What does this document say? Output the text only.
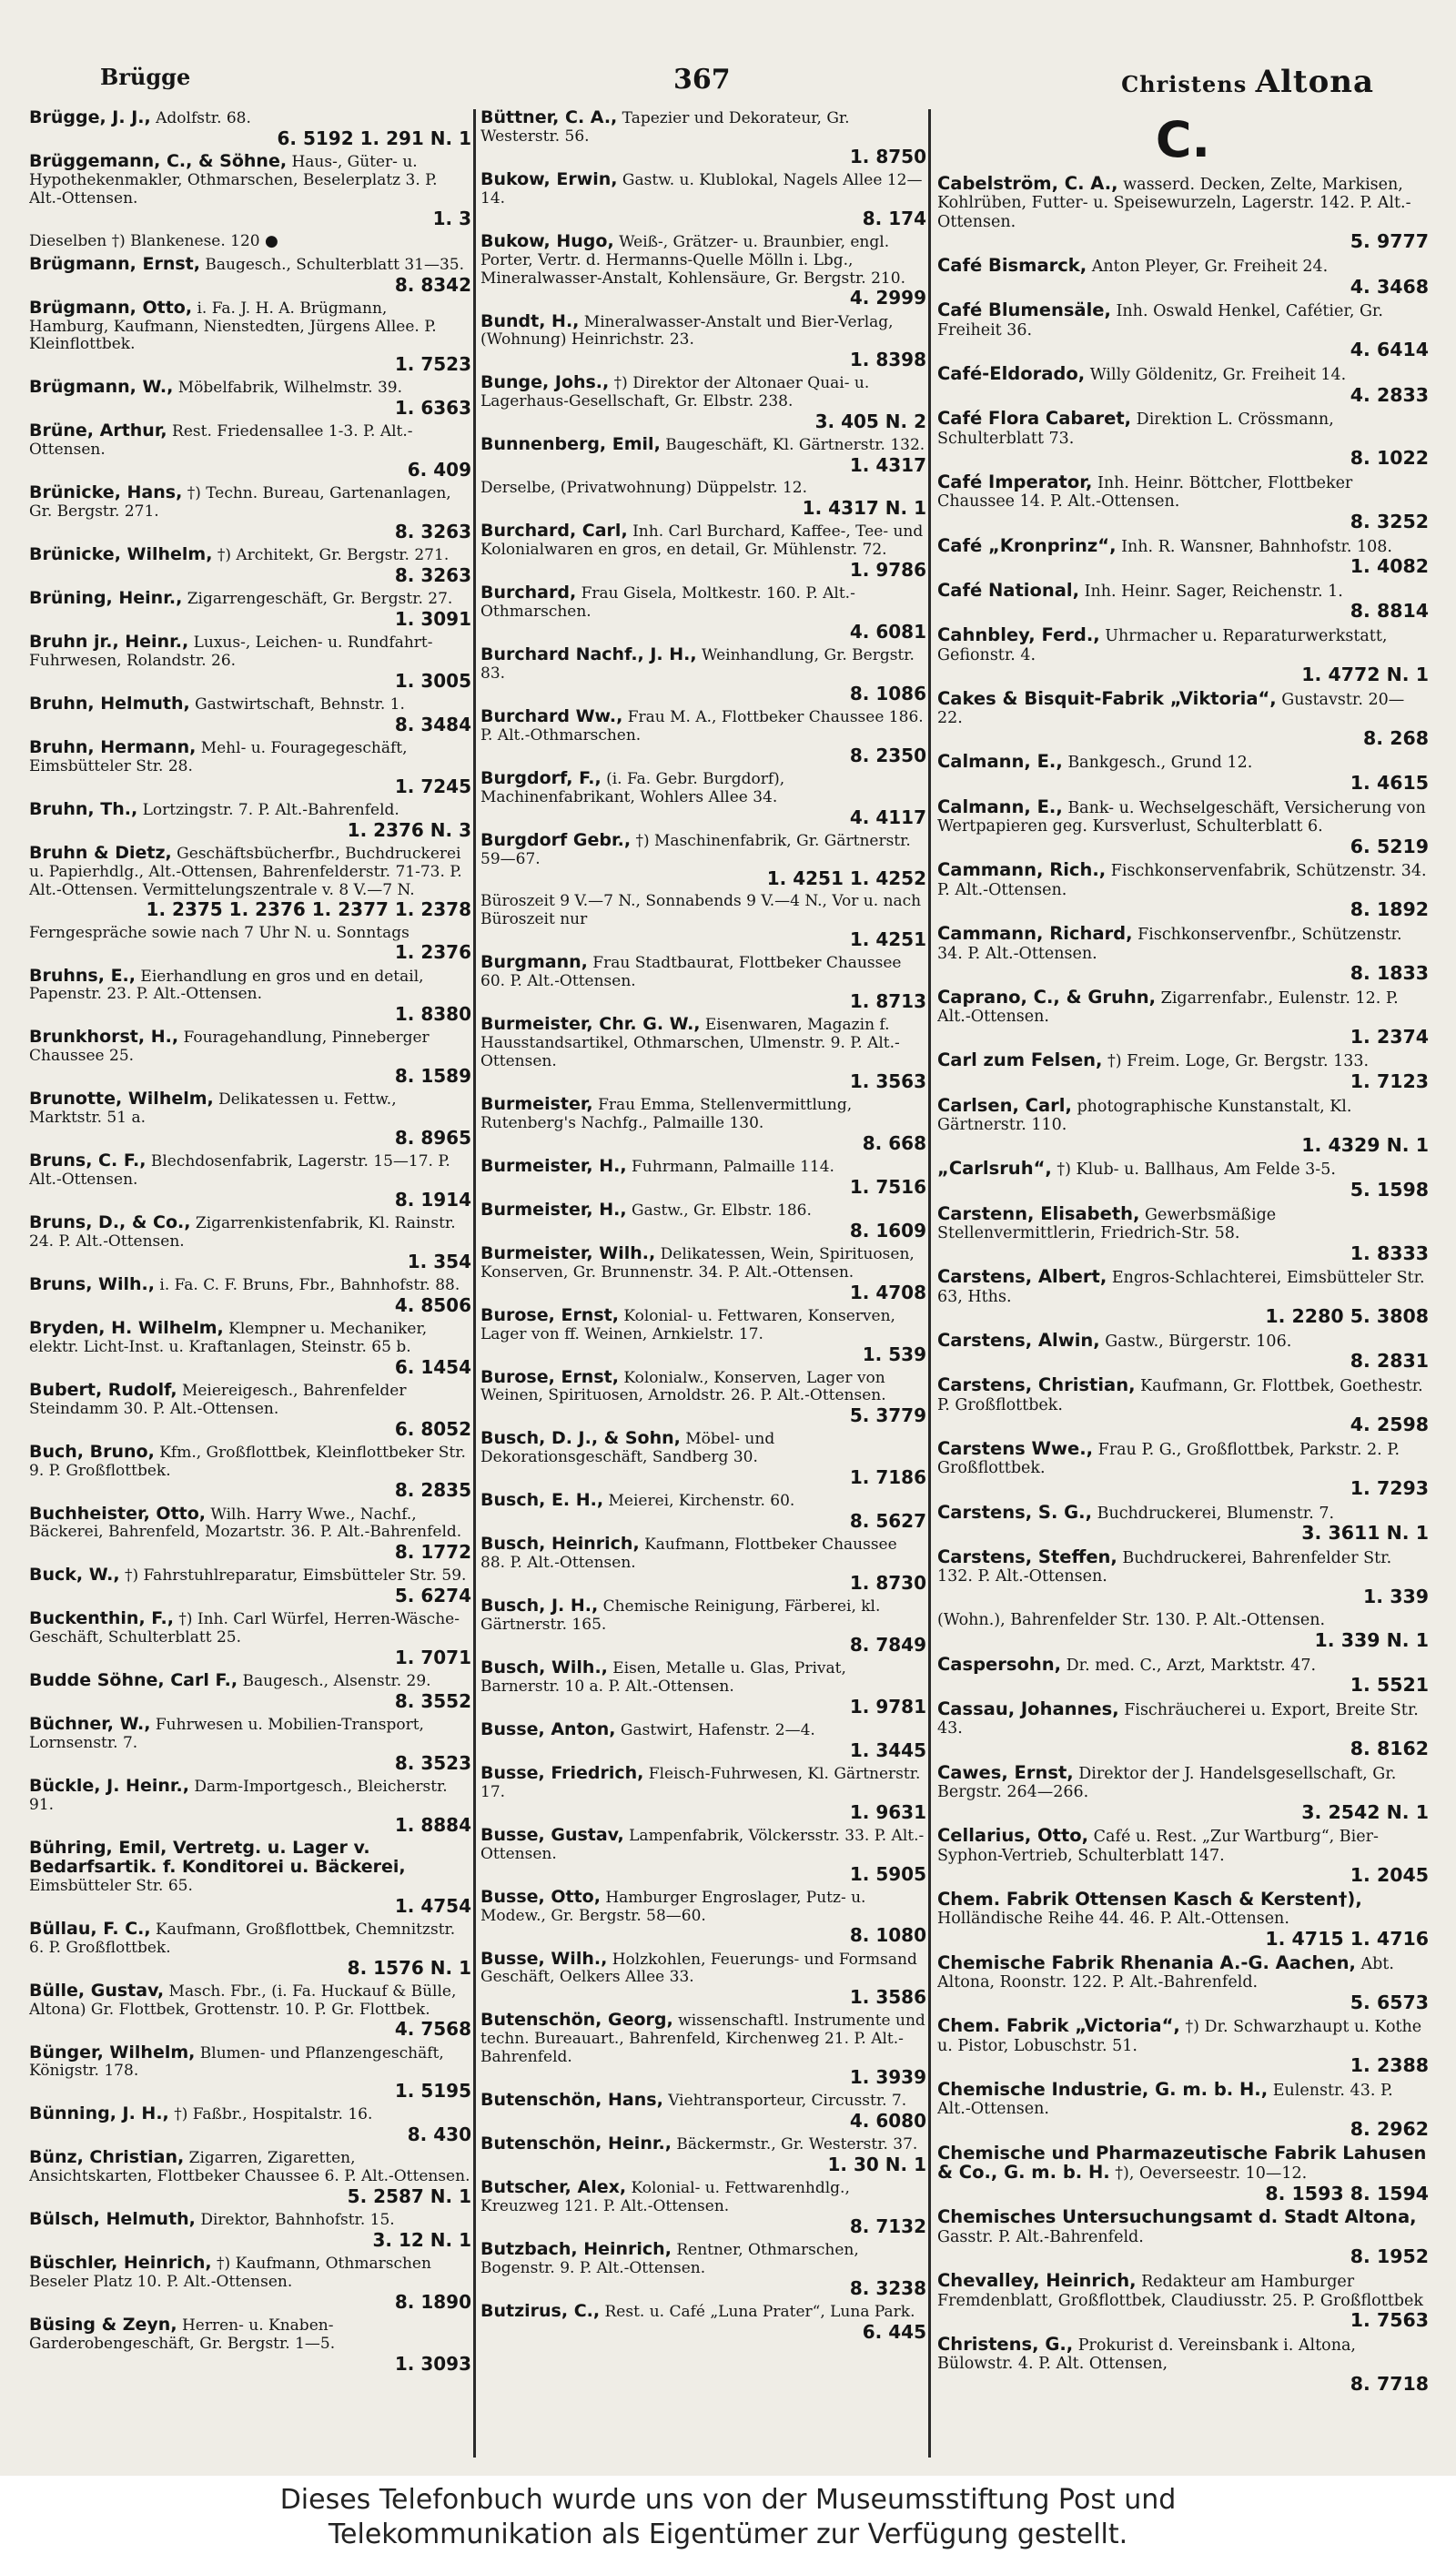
Brügge	367	Christens Altona
Brügge, J. J., Adolfstr. 68.
6. 5192 1. 291 N. 1
Brüggemann, C., & Söhne, Haus-, Güter- u. Hypothekenmakler, Othmarschen, Beselerplatz 3. P. Alt.-Ottensen.
1. 3
Dieselben †) Blankenese. 120 ●
Brügmann, Ernst, Baugesch., Schulterblatt 31—35.
8. 8342
Brügmann, Otto, i. Fa. J. H. A. Brügmann, Hamburg, Kaufmann, Nienstedten, Jürgens Allee. P. Kleinflottbek.
1. 7523
Brügmann, W., Möbelfabrik, Wilhelmstr. 39.
1. 6363
Brüne, Arthur, Rest. Friedensallee 1-3. P. Alt.-Ottensen.
6. 409
Brünicke, Hans, †) Techn. Bureau, Gartenanlagen, Gr. Bergstr. 271.
8. 3263
Brünicke, Wilhelm, †) Architekt, Gr. Bergstr. 271.
8. 3263
Brüning, Heinr., Zigarrengeschäft, Gr. Bergstr. 27.
1. 3091
Bruhn jr., Heinr., Luxus-, Leichen- u. Rundfahrt-Fuhrwesen, Rolandstr. 26.
1. 3005
Bruhn, Helmuth, Gastwirtschaft, Behnstr. 1.
8. 3484
Bruhn, Hermann, Mehl- u. Fouragegeschäft, Eimsbütteler Str. 28.
1. 7245
Bruhn, Th., Lortzingstr. 7. P. Alt.-Bahrenfeld.
1. 2376 N. 3
Bruhn & Dietz, Geschäftsbücherfbr., Buchdruckerei u. Papierhdlg., Alt.-Ottensen, Bahrenfelderstr. 71-73. P. Alt.-Ottensen. Vermittelungszentrale v. 8 V.—7 N.
1. 2375 1. 2376 1. 2377 1. 2378
Ferngespräche sowie nach 7 Uhr N. u. Sonntags
1. 2376
Bruhns, E., Eierhandlung en gros und en detail, Papenstr. 23. P. Alt.-Ottensen.
1. 8380
Brunkhorst, H., Fouragehandlung, Pinneberger Chaussee 25.
8. 1589
Brunotte, Wilhelm, Delikatessen u. Fettw., Marktstr. 51 a.
8. 8965
Bruns, C. F., Blechdosenfabrik, Lagerstr. 15—17. P. Alt.-Ottensen.
8. 1914
Bruns, D., & Co., Zigarrenkistenfabrik, Kl. Rainstr. 24. P. Alt.-Ottensen.
1. 354
Bruns, Wilh., i. Fa. C. F. Bruns, Fbr., Bahnhofstr. 88.
4. 8506
Bryden, H. Wilhelm, Klempner u. Mechaniker, elektr. Licht-Inst. u. Kraftanlagen, Steinstr. 65 b.
6. 1454
Bubert, Rudolf, Meiereigesch., Bahrenfelder Steindamm 30. P. Alt.-Ottensen.
6. 8052
Buch, Bruno, Kfm., Großflottbek, Kleinflottbeker Str. 9. P. Großflottbek.
8. 2835
Buchheister, Otto, Wilh. Harry Wwe., Nachf., Bäckerei, Bahrenfeld, Mozartstr. 36. P. Alt.-Bahrenfeld.
8. 1772
Buck, W., †) Fahrstuhlreparatur, Eimsbütteler Str. 59.
5. 6274
Buckenthin, F., †) Inh. Carl Würfel, Herren-Wäsche-Geschäft, Schulterblatt 25.
1. 7071
Budde Söhne, Carl F., Baugesch., Alsenstr. 29.
8. 3552
Büchner, W., Fuhrwesen u. Mobilien-Transport, Lornsenstr. 7.
8. 3523
Bückle, J. Heinr., Darm-Importgesch., Bleicherstr. 91.
1. 8884
Bühring, Emil, Vertretg. u. Lager v. Bedarfsartik. f. Konditorei u. Bäckerei, Eimsbütteler Str. 65.
1. 4754
Büllau, F. C., Kaufmann, Großflottbek, Chemnitzstr. 6. P. Großflottbek.
8. 1576 N. 1
Bülle, Gustav, Masch. Fbr., (i. Fa. Huckauf & Bülle, Altona) Gr. Flottbek, Grottenstr. 10. P. Gr. Flottbek.
4. 7568
Bünger, Wilhelm, Blumen- und Pflanzengeschäft, Königstr. 178.
1. 5195
Bünning, J. H., †) Faßbr., Hospitalstr. 16.
8. 430
Bünz, Christian, Zigarren, Zigaretten, Ansichtskarten, Flottbeker Chaussee 6. P. Alt.-Ottensen.
5. 2587 N. 1
Bülsch, Helmuth, Direktor, Bahnhofstr. 15.
3. 12 N. 1
Büschler, Heinrich, †) Kaufmann, Othmarschen Beseler Platz 10. P. Alt.-Ottensen.
8. 1890
Büsing & Zeyn, Herren- u. Knaben-Garderobengeschäft, Gr. Bergstr. 1—5.
1. 3093
Büttner, C. A., Tapezier und Dekorateur, Gr. Westerstr. 56.
1. 8750
Bukow, Erwin, Gastw. u. Klublokal, Nagels Allee 12—14.
8. 174
Bukow, Hugo, Weiß-, Grätzer- u. Braunbier, engl. Porter, Vertr. d. Hermanns-Quelle Mölln i. Lbg., Mineralwasser-Anstalt, Kohlensäure, Gr. Bergstr. 210.
4. 2999
Bundt, H., Mineralwasser-Anstalt und Bier-Verlag, (Wohnung) Heinrichstr. 23.
1. 8398
Bunge, Johs., †) Direktor der Altonaer Quai- u. Lagerhaus-Gesellschaft, Gr. Elbstr. 238.
3. 405 N. 2
Bunnenberg, Emil, Baugeschäft, Kl. Gärtnerstr. 132.
1. 4317
Derselbe, (Privatwohnung) Düppelstr. 12.
1. 4317 N. 1
Burchard, Carl, Inh. Carl Burchard, Kaffee-, Tee- und Kolonialwaren en gros, en detail, Gr. Mühlenstr. 72.
1. 9786
Burchard, Frau Gisela, Moltkestr. 160. P. Alt.-Othmarschen.
4. 6081
Burchard Nachf., J. H., Weinhandlung, Gr. Bergstr. 83.
8. 1086
Burchard Ww., Frau M. A., Flottbeker Chaussee 186. P. Alt.-Othmarschen.
8. 2350
Burgdorf, F., (i. Fa. Gebr. Burgdorf), Machinenfabrikant, Wohlers Allee 34.
4. 4117
Burgdorf Gebr., †) Maschinenfabrik, Gr. Gärtnerstr. 59—67.
1. 4251 1. 4252
Büroszeit 9 V.—7 N., Sonnabends 9 V.—4 N., Vor u. nach Büroszeit nur
1. 4251
Burgmann, Frau Stadtbaurat, Flottbeker Chaussee 60. P. Alt.-Ottensen.
1. 8713
Burmeister, Chr. G. W., Eisenwaren, Magazin f. Hausstandsartikel, Othmarschen, Ulmenstr. 9. P. Alt.-Ottensen.
1. 3563
Burmeister, Frau Emma, Stellenvermittlung, Rutenberg's Nachfg., Palmaille 130.
8. 668
Burmeister, H., Fuhrmann, Palmaille 114.
1. 7516
Burmeister, H., Gastw., Gr. Elbstr. 186.
8. 1609
Burmeister, Wilh., Delikatessen, Wein, Spirituosen, Konserven, Gr. Brunnenstr. 34. P. Alt.-Ottensen.
1. 4708
Burose, Ernst, Kolonial- u. Fettwaren, Konserven, Lager von ff. Weinen, Arnkielstr. 17.
1. 539
Burose, Ernst, Kolonialw., Konserven, Lager von Weinen, Spirituosen, Arnoldstr. 26. P. Alt.-Ottensen.
5. 3779
Busch, D. J., & Sohn, Möbel- und Dekorationsgeschäft, Sandberg 30.
1. 7186
Busch, E. H., Meierei, Kirchenstr. 60.
8. 5627
Busch, Heinrich, Kaufmann, Flottbeker Chaussee 88. P. Alt.-Ottensen.
1. 8730
Busch, J. H., Chemische Reinigung, Färberei, kl. Gärtnerstr. 165.
8. 7849
Busch, Wilh., Eisen, Metalle u. Glas, Privat, Barnerstr. 10 a. P. Alt.-Ottensen.
1. 9781
Busse, Anton, Gastwirt, Hafenstr. 2—4.
1. 3445
Busse, Friedrich, Fleisch-Fuhrwesen, Kl. Gärtnerstr. 17.
1. 9631
Busse, Gustav, Lampenfabrik, Völckersstr. 33. P. Alt.-Ottensen.
1. 5905
Busse, Otto, Hamburger Engroslager, Putz- u. Modew., Gr. Bergstr. 58—60.
8. 1080
Busse, Wilh., Holzkohlen, Feuerungs- und Formsand Geschäft, Oelkers Allee 33.
1. 3586
Butenschön, Georg, wissenschaftl. Instrumente und techn. Bureauart., Bahrenfeld, Kirchenweg 21. P. Alt.-Bahrenfeld.
1. 3939
Butenschön, Hans, Viehtransporteur, Circusstr. 7.
4. 6080
Butenschön, Heinr., Bäckermstr., Gr. Westerstr. 37.
1. 30 N. 1
Butscher, Alex, Kolonial- u. Fettwarenhdlg., Kreuzweg 121. P. Alt.-Ottensen.
8. 7132
Butzbach, Heinrich, Rentner, Othmarschen, Bogenstr. 9. P. Alt.-Ottensen.
8. 3238
Butzirus, C., Rest. u. Café „Luna Prater“, Luna Park.
6. 445
C.
Cabelström, C. A., wasserd. Decken, Zelte, Markisen, Kohlrüben, Futter- u. Speisewurzeln, Lagerstr. 142. P. Alt.-Ottensen.
5. 9777
Café Bismarck, Anton Pleyer, Gr. Freiheit 24.
4. 3468
Café Blumensäle, Inh. Oswald Henkel, Cafétier, Gr. Freiheit 36.
4. 6414
Café-Eldorado, Willy Göldenitz, Gr. Freiheit 14.
4. 2833
Café Flora Cabaret, Direktion L. Crössmann, Schulterblatt 73.
8. 1022
Café Imperator, Inh. Heinr. Böttcher, Flottbeker Chaussee 14. P. Alt.-Ottensen.
8. 3252
Café „Kronprinz“, Inh. R. Wansner, Bahnhofstr. 108.
1. 4082
Café National, Inh. Heinr. Sager, Reichenstr. 1.
8. 8814
Cahnbley, Ferd., Uhrmacher u. Reparaturwerkstatt, Gefionstr. 4.
1. 4772 N. 1
Cakes & Bisquit-Fabrik „Viktoria“, Gustavstr. 20—22.
8. 268
Calmann, E., Bankgesch., Grund 12.
1. 4615
Calmann, E., Bank- u. Wechselgeschäft, Versicherung von Wertpapieren geg. Kursverlust, Schulterblatt 6.
6. 5219
Cammann, Rich., Fischkonservenfabrik, Schützenstr. 34. P. Alt.-Ottensen.
8. 1892
Cammann, Richard, Fischkonservenfbr., Schützenstr. 34. P. Alt.-Ottensen.
8. 1833
Caprano, C., & Gruhn, Zigarrenfabr., Eulenstr. 12. P. Alt.-Ottensen.
1. 2374
Carl zum Felsen, †) Freim. Loge, Gr. Bergstr. 133.
1. 7123
Carlsen, Carl, photographische Kunstanstalt, Kl. Gärtnerstr. 110.
1. 4329 N. 1
„Carlsruh“, †) Klub- u. Ballhaus, Am Felde 3-5.
5. 1598
Carstenn, Elisabeth, Gewerbsmäßige Stellenvermittlerin, Friedrich-Str. 58.
1. 8333
Carstens, Albert, Engros-Schlachterei, Eimsbütteler Str. 63, Hths.
1. 2280 5. 3808
Carstens, Alwin, Gastw., Bürgerstr. 106.
8. 2831
Carstens, Christian, Kaufmann, Gr. Flottbek, Goethestr. P. Großflottbek.
4. 2598
Carstens Wwe., Frau P. G., Großflottbek, Parkstr. 2. P. Großflottbek.
1. 7293
Carstens, S. G., Buchdruckerei, Blumenstr. 7.
3. 3611 N. 1
Carstens, Steffen, Buchdruckerei, Bahrenfelder Str. 132. P. Alt.-Ottensen.
1. 339
(Wohn.), Bahrenfelder Str. 130. P. Alt.-Ottensen.
1. 339 N. 1
Caspersohn, Dr. med. C., Arzt, Marktstr. 47.
1. 5521
Cassau, Johannes, Fischräucherei u. Export, Breite Str. 43.
8. 8162
Cawes, Ernst, Direktor der J. Handelsgesellschaft, Gr. Bergstr. 264—266.
3. 2542 N. 1
Cellarius, Otto, Café u. Rest. „Zur Wartburg“, Bier-Syphon-Vertrieb, Schulterblatt 147.
1. 2045
Chem. Fabrik Ottensen Kasch & Kersten†), Holländische Reihe 44. 46. P. Alt.-Ottensen.
1. 4715 1. 4716
Chemische Fabrik Rhenania A.-G. Aachen, Abt. Altona, Roonstr. 122. P. Alt.-Bahrenfeld.
5. 6573
Chem. Fabrik „Victoria“, †) Dr. Schwarzhaupt u. Kothe u. Pistor, Lobuschstr. 51.
1. 2388
Chemische Industrie, G. m. b. H., Eulenstr. 43. P. Alt.-Ottensen.
8. 2962
Chemische und Pharmazeutische Fabrik Lahusen & Co., G. m. b. H. †), Oeverseestr. 10—12.
8. 1593 8. 1594
Chemisches Untersuchungsamt d. Stadt Altona, Gasstr. P. Alt.-Bahrenfeld.
8. 1952
Chevalley, Heinrich, Redakteur am Hamburger Fremdenblatt, Großflottbek, Claudiusstr. 25. P. Großflottbek
1. 7563
Christens, G., Prokurist d. Vereinsbank i. Altona, Bülowstr. 4. P. Alt. Ottensen,
8. 7718
Dieses Telefonbuch wurde uns von der Museumsstiftung Post und
Telekommunikation als Eigentümer zur Verfügung gestellt.
